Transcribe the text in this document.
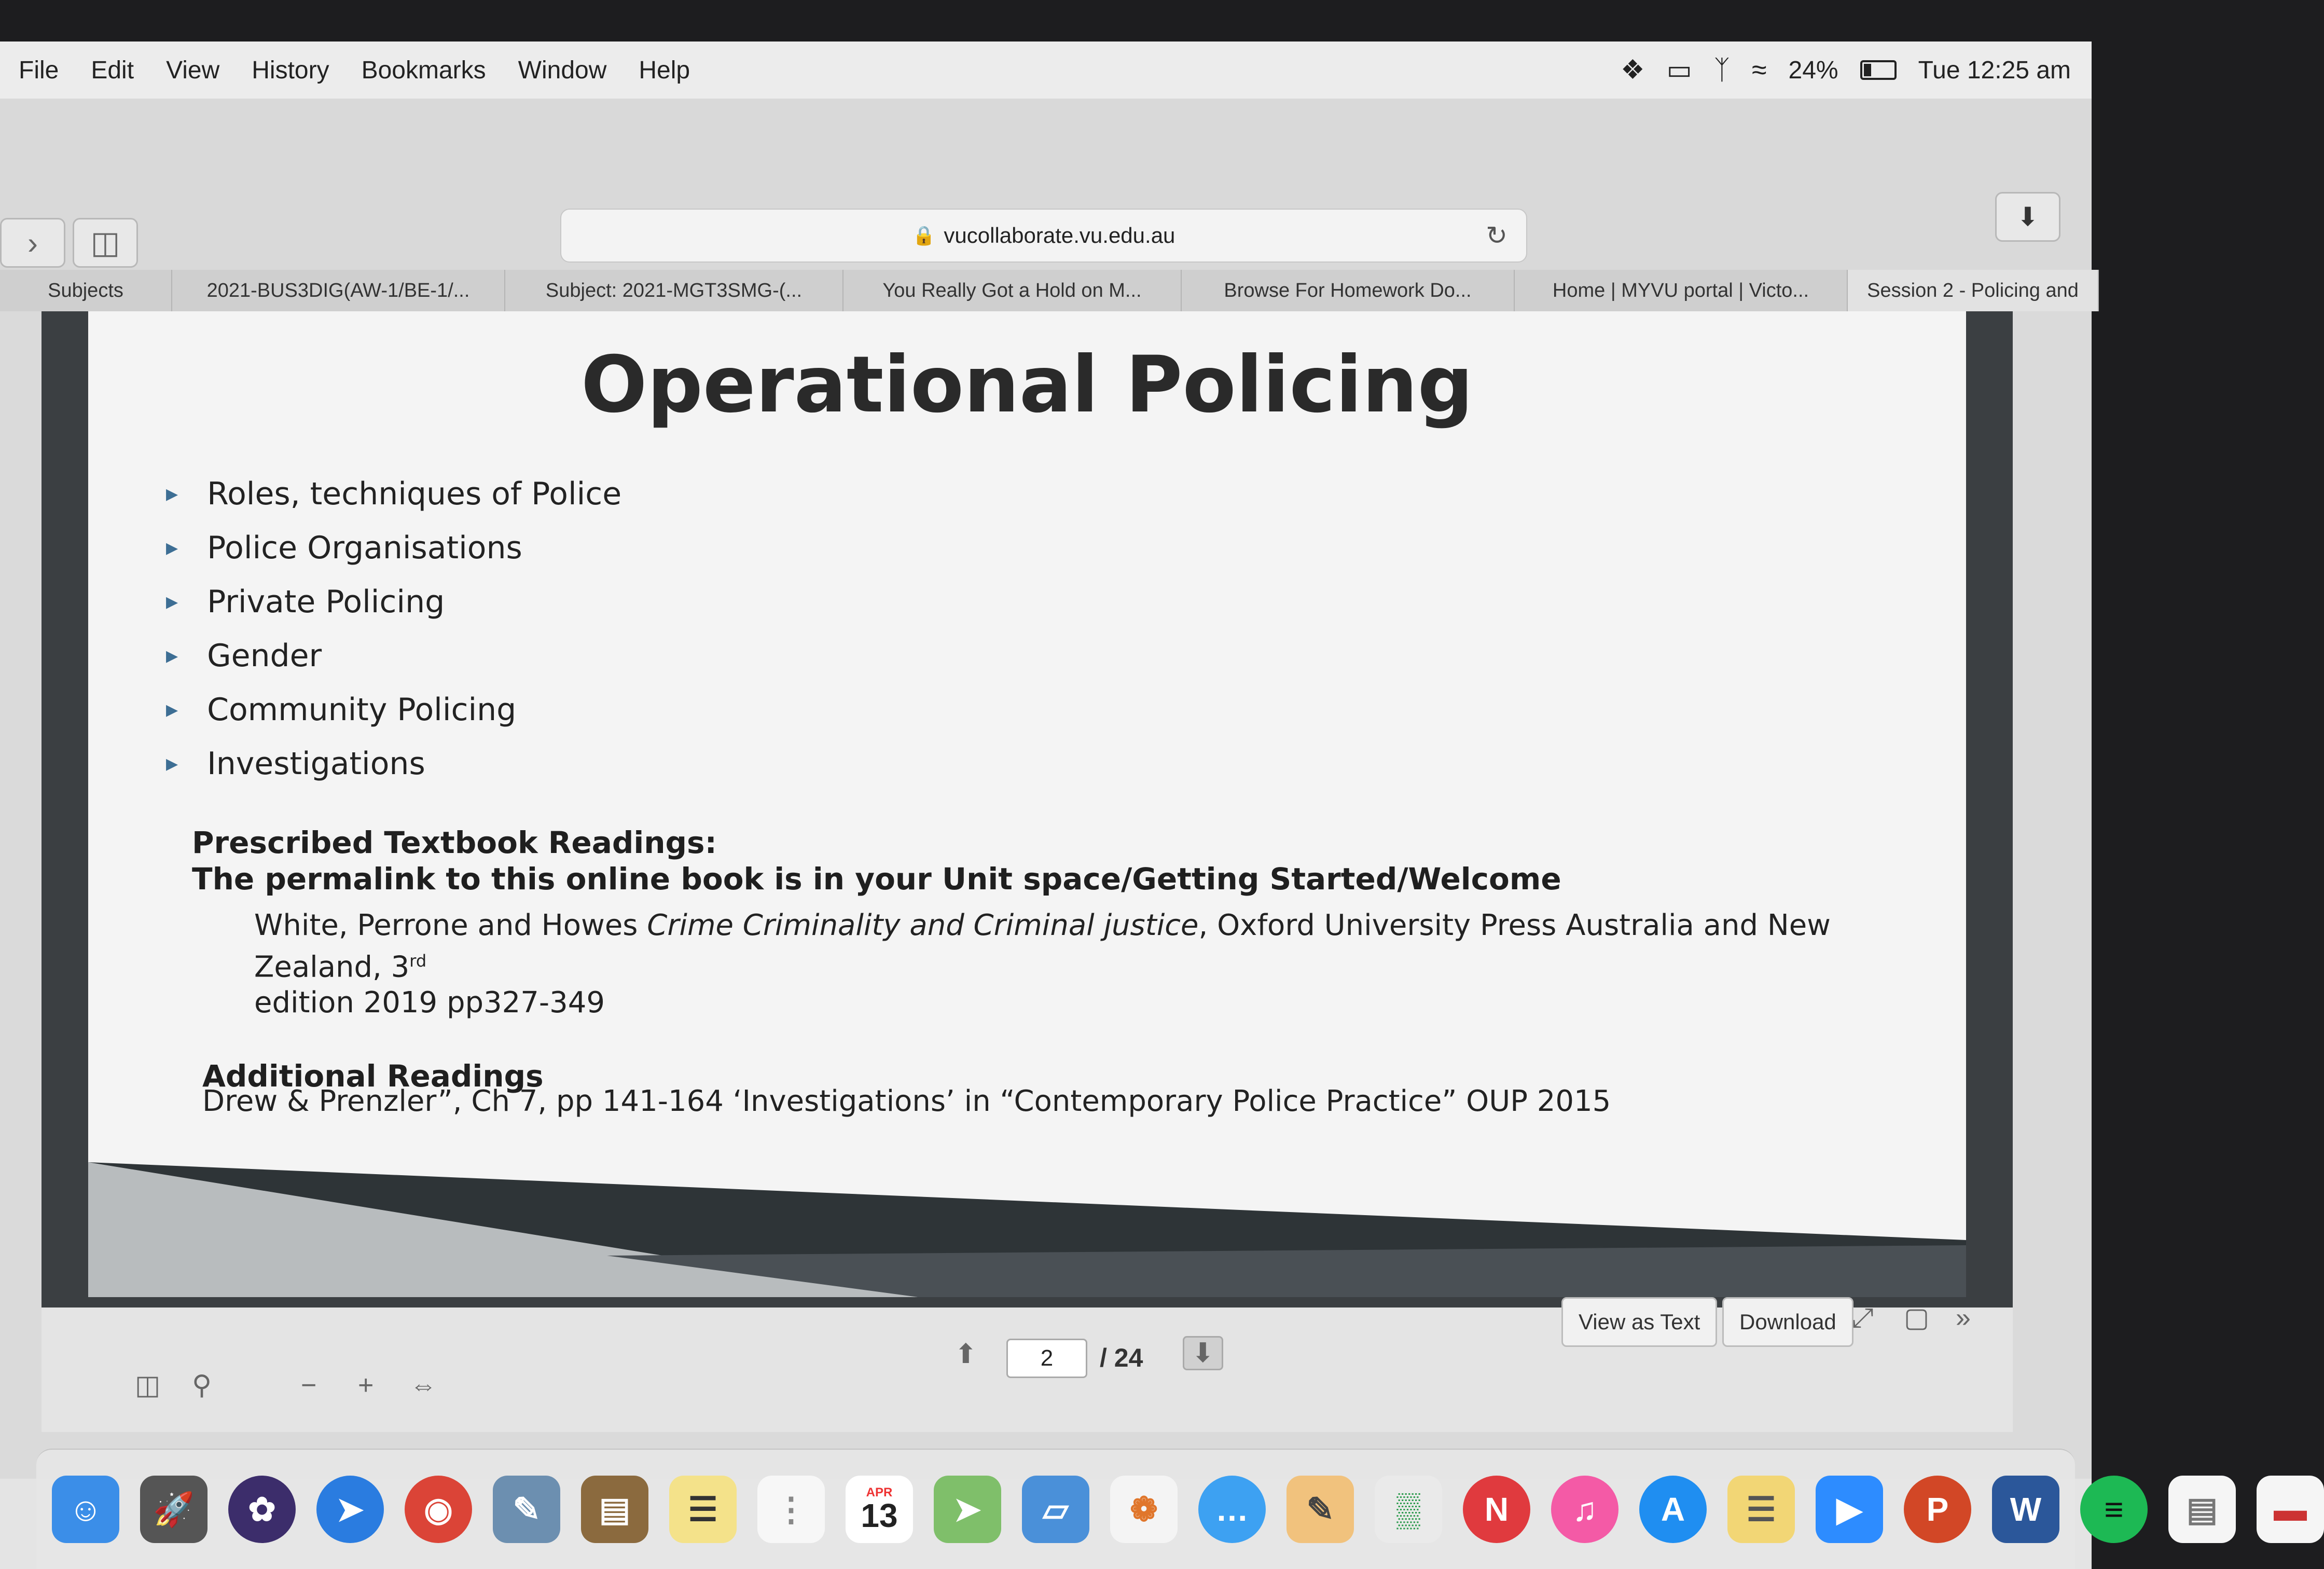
File Edit View History Bookmarks Window Help	❖ ▭ ᛉ ≈ 24%	Tue 12:25 am
› ◫	🔒 vucollaborate.vu.edu.au	↻
⬇
Subjects	2021-BUS3DIG(AW-1/BE-1/...	Subject: 2021-MGT3SMG-(...	You Really Got a Hold on M...	Browse For Homework Do...	Home | MYVU portal | Victo...	Session 2 - Policing and
Operational Policing
▶ Roles, techniques of Police
▶ Police Organisations
▶ Private Policing
▶ Gender
▶ Community Policing
▶ Investigations
Prescribed Textbook Readings:
The permalink to this online book is in your Unit space/Getting Started/Welcome
White, Perrone and Howes Crime Criminality and Criminal justice, Oxford University Press Australia and New Zealand, 3rd
edition 2019 pp327-349
Additional Readings
Drew & Prenzler”, Ch 7, pp 141-164 ‘Investigations’ in “Contemporary Police Practice” OUP 2015
◫ ⚲	− + ⇔
⬆	2	/ 24	⬇
View as Text	Download ⤢ ▢ »
☺	🚀	✿	➤	◉	✎	▤	☰	⋮	APR
13	➤	▱	❁	…	✎	▒	N	♫	A	☰	▶	P	W	≡	▤	▬
